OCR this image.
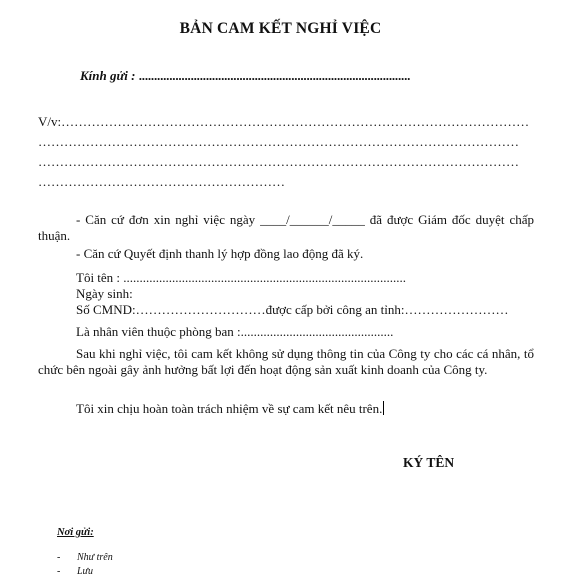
BẢN CAM KẾT NGHỈ VIỆC
Kính gửi : .........................................................................................
V/v:………………………………………………………………………………………………
…………………………………………………………………………………………………
…………………………………………………………………………………………………
…………………………………………………
- Căn cứ đơn xin nghỉ việc ngày ____/______/_____ đã được Giám đốc duyệt chấp thuận.
- Căn cứ Quyết định thanh lý hợp đồng lao động đã ký.
Tôi tên : .......................................................................................
Ngày sinh:
Số CMND:…………………………được cấp bởi công an tỉnh:……………………
Là nhân viên thuộc phòng ban :...............................................
Sau khi nghỉ việc, tôi cam kết không sử dụng thông tin của Công ty cho các cá nhân, tổ chức bên ngoài gây ảnh hưởng bất lợi đến hoạt động sản xuất kinh doanh của Công ty.
Tôi xin chịu hoàn toàn trách nhiệm về sự cam kết nêu trên.
KÝ TÊN
Nơi gửi:
- Như trên
- Lưu
